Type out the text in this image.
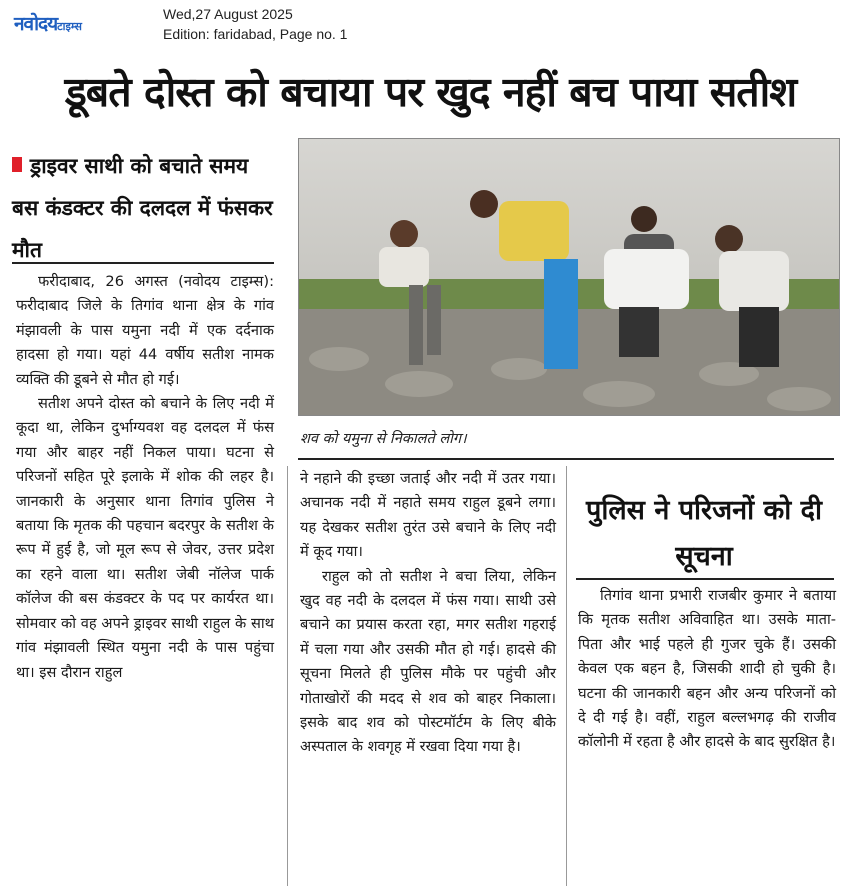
नवोदयटाइम्स
Wed,27 August 2025
Edition: faridabad, Page no. 1
डूबते दोस्त को बचाया पर खुद नहीं बच पाया सतीश
ड्राइवर साथी को बचाते समय बस कंडक्टर की दलदल में फंसकर मौत

फरीदाबाद, 26 अगस्त (नवोदय टाइम्स): फरीदाबाद जिले के तिगांव थाना क्षेत्र के गांव मंझावली के पास यमुना नदी में एक दर्दनाक हादसा हो गया। यहां 44 वर्षीय सतीश नामक व्यक्ति की डूबने से मौत हो गई।

सतीश अपने दोस्त को बचाने के लिए नदी में कूदा था, लेकिन दुर्भाग्यवश वह दलदल में फंस गया और बाहर नहीं निकल पाया। घटना से परिजनों सहित पूरे इलाके में शोक की लहर है। जानकारी के अनुसार थाना तिगांव पुलिस ने बताया कि मृतक की पहचान बदरपुर के सतीश के रूप में हुई है, जो मूल रूप से जेवर, उत्तर प्रदेश का रहने वाला था। सतीश जेबी नॉलेज पार्क कॉलेज की बस कंडक्टर के पद पर कार्यरत था। सोमवार को वह अपने ड्राइवर साथी राहुल के साथ गांव मंझावली स्थित यमुना नदी के पास पहुंचा था। इस दौरान राहुल

शव को यमुना से निकालते लोग।

ने नहाने की इच्छा जताई और नदी में उतर गया। अचानक नदी में नहाते समय राहुल डूबने लगा। यह देखकर सतीश तुरंत उसे बचाने के लिए नदी में कूद गया।

राहुल को तो सतीश ने बचा लिया, लेकिन खुद वह नदी के दलदल में फंस गया। साथी उसे बचाने का प्रयास करता रहा, मगर सतीश गहराई में चला गया और उसकी मौत हो गई। हादसे की सूचना मिलते ही पुलिस मौके पर पहुंची और गोताखोरों की मदद से शव को बाहर निकाला। इसके बाद शव को पोस्टमॉर्टम के लिए बीके अस्पताल के शवगृह में रखवा दिया गया है।

पुलिस ने परिजनों को दी सूचना

तिगांव थाना प्रभारी राजबीर कुमार ने बताया कि मृतक सतीश अविवाहित था। उसके माता-पिता और भाई पहले ही गुजर चुके हैं। उसकी केवल एक बहन है, जिसकी शादी हो चुकी है। घटना की जानकारी बहन और अन्य परिजनों को दे दी गई है। वहीं, राहुल बल्लभगढ़ की राजीव कॉलोनी में रहता है और हादसे के बाद सुरक्षित है।
